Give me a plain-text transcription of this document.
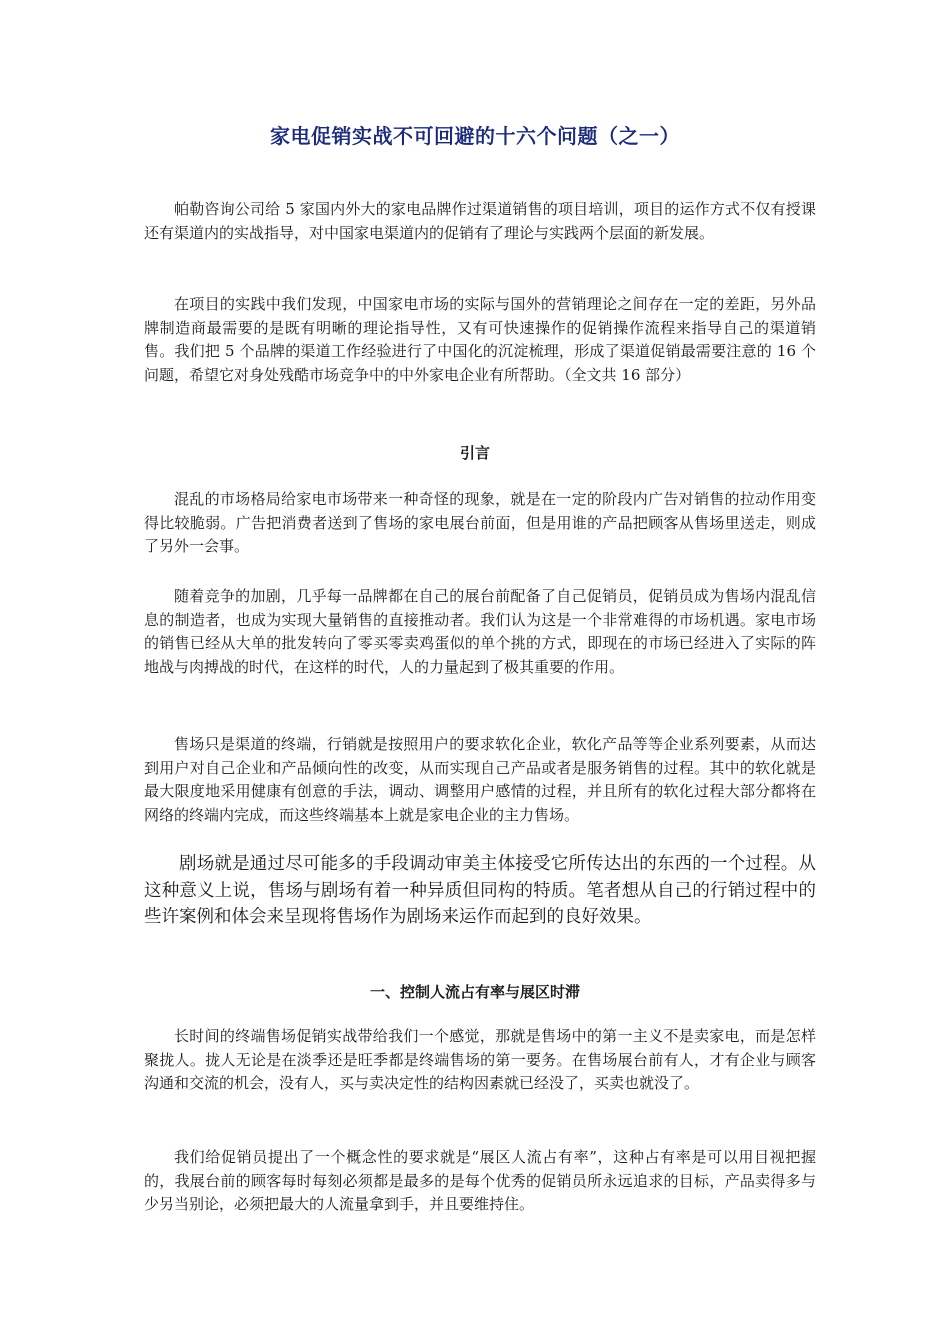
家电促销实战不可回避的十六个问题（之一）

帕勒咨询公司给 5 家国内外大的家电品牌作过渠道销售的项目培训，项目的运作方式不仅有授课还有渠道内的实战指导，对中国家电渠道内的促销有了理论与实践两个层面的新发展。

在项目的实践中我们发现，中国家电市场的实际与国外的营销理论之间存在一定的差距，另外品牌制造商最需要的是既有明晰的理论指导性，又有可快速操作的促销操作流程来指导自己的渠道销售。我们把 5 个品牌的渠道工作经验进行了中国化的沉淀梳理，形成了渠道促销最需要注意的 16 个问题，希望它对身处残酷市场竞争中的中外家电企业有所帮助。（全文共 16 部分）

引言

混乱的市场格局给家电市场带来一种奇怪的现象，就是在一定的阶段内广告对销售的拉动作用变得比较脆弱。广告把消费者送到了售场的家电展台前面，但是用谁的产品把顾客从售场里送走，则成了另外一会事。

随着竞争的加剧，几乎每一品牌都在自己的展台前配备了自己促销员，促销员成为售场内混乱信息的制造者，也成为实现大量销售的直接推动者。我们认为这是一个非常难得的市场机遇。家电市场的销售已经从大单的批发转向了零买零卖鸡蛋似的单个挑的方式，即现在的市场已经进入了实际的阵地战与肉搏战的时代，在这样的时代，人的力量起到了极其重要的作用。

售场只是渠道的终端，行销就是按照用户的要求软化企业，软化产品等等企业系列要素，从而达到用户对自己企业和产品倾向性的改变，从而实现自己产品或者是服务销售的过程。其中的软化就是最大限度地采用健康有创意的手法，调动、调整用户感情的过程，并且所有的软化过程大部分都将在网络的终端内完成，而这些终端基本上就是家电企业的主力售场。

剧场就是通过尽可能多的手段调动审美主体接受它所传达出的东西的一个过程。从这种意义上说，售场与剧场有着一种异质但同构的特质。笔者想从自己的行销过程中的些许案例和体会来呈现将售场作为剧场来运作而起到的良好效果。

一、控制人流占有率与展区时滞

长时间的终端售场促销实战带给我们一个感觉，那就是售场中的第一主义不是卖家电，而是怎样聚拢人。拢人无论是在淡季还是旺季都是终端售场的第一要务。在售场展台前有人，才有企业与顾客沟通和交流的机会，没有人，买与卖决定性的结构因素就已经没了，买卖也就没了。

我们给促销员提出了一个概念性的要求就是“展区人流占有率”，这种占有率是可以用目视把握的，我展台前的顾客每时每刻必须都是最多的是每个优秀的促销员所永远追求的目标，产品卖得多与少另当别论，必须把最大的人流量拿到手，并且要维持住。
